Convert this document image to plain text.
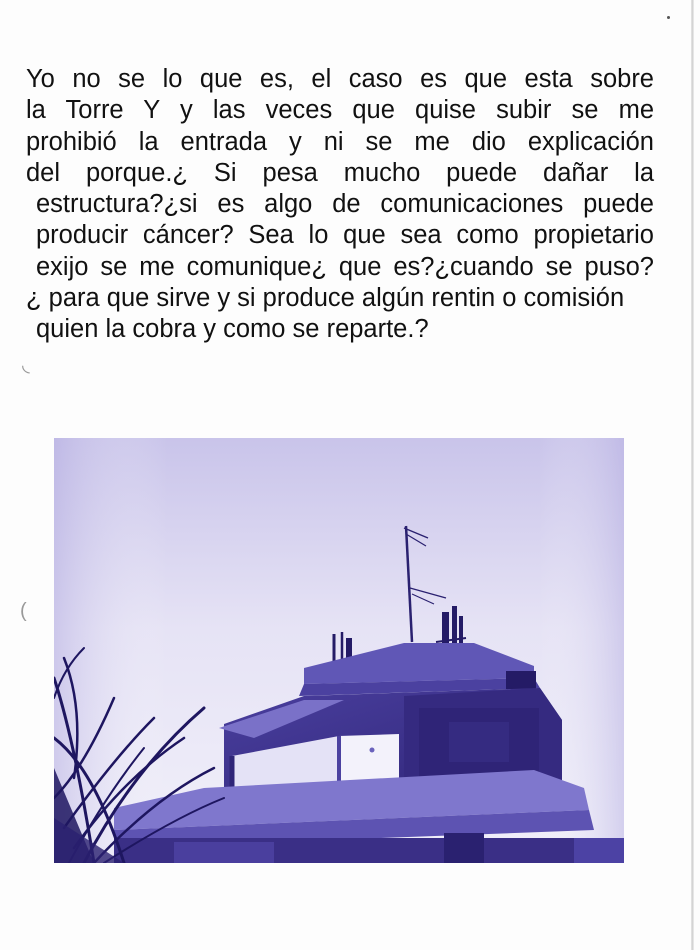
Yo no se lo que es, el caso es que esta sobre
la Torre Y y las veces que quise subir se me
prohibió la entrada y ni se me dio explicación
del porque.¿ Si pesa mucho puede dañar la
estructura?¿si es algo de comunicaciones puede
producir cáncer? Sea lo que sea como propietario
exijo se me comunique¿ que es?¿cuando se puso?
¿ para que sirve y si produce algún rentin o comisión
quien la cobra y como se reparte.?
◟
(
